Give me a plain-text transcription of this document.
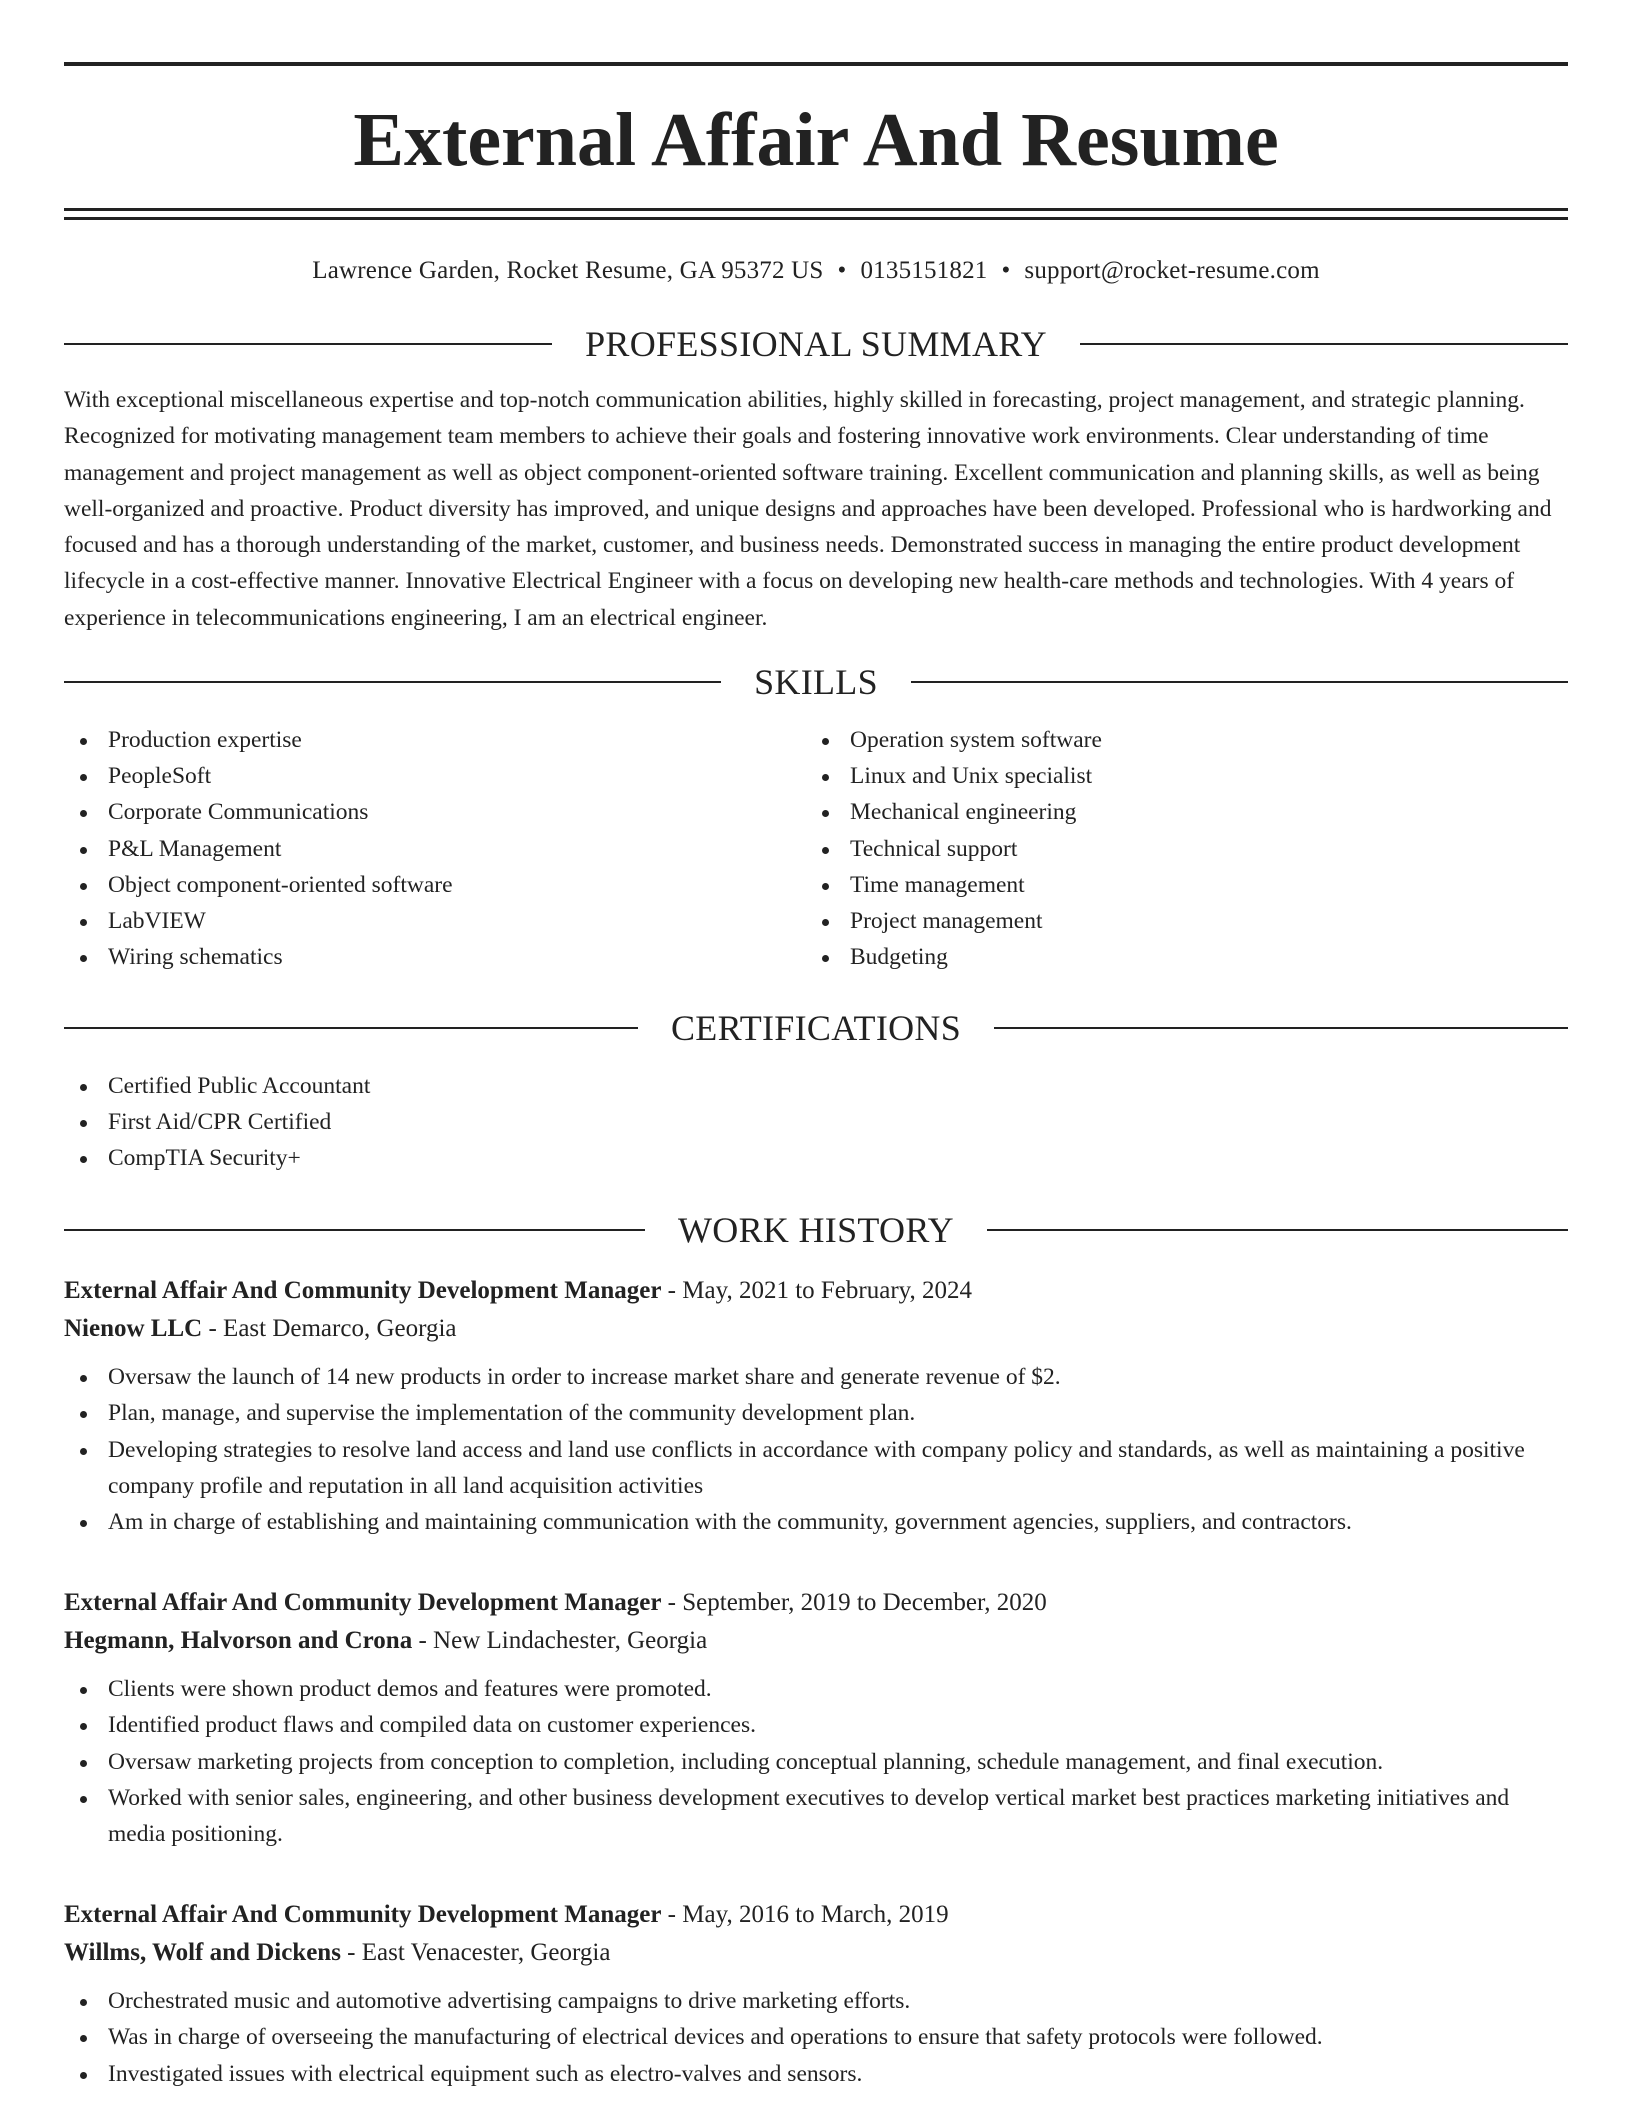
External Affair And Resume
Lawrence Garden, Rocket Resume, GA 95372 US • 0135151821 • support@rocket-resume.com
PROFESSIONAL SUMMARY

With exceptional miscellaneous expertise and top-notch communication abilities, highly skilled in forecasting, project management, and strategic planning. Recognized for motivating management team members to achieve their goals and fostering innovative work environments. Clear understanding of time management and project management as well as object component-oriented software training. Excellent communication and planning skills, as well as being well-organized and proactive. Product diversity has improved, and unique designs and approaches have been developed. Professional who is hardworking and focused and has a thorough understanding of the market, customer, and business needs. Demonstrated success in managing the entire product development lifecycle in a cost-effective manner. Innovative Electrical Engineer with a focus on developing new health-care methods and technologies. With 4 years of experience in telecommunications engineering, I am an electrical engineer.

SKILLS
Production expertise
PeopleSoft
Corporate Communications
P&L Management
Object component-oriented software
LabVIEW
Wiring schematics
Operation system software
Linux and Unix specialist
Mechanical engineering
Technical support
Time management
Project management
Budgeting
CERTIFICATIONS
Certified Public Accountant
First Aid/CPR Certified
CompTIA Security+
WORK HISTORY
External Affair And Community Development Manager - May, 2021 to February, 2024
Nienow LLC - East Demarco, Georgia
Oversaw the launch of 14 new products in order to increase market share and generate revenue of $2.
Plan, manage, and supervise the implementation of the community development plan.
Developing strategies to resolve land access and land use conflicts in accordance with company policy and standards, as well as maintaining a positive company profile and reputation in all land acquisition activities
Am in charge of establishing and maintaining communication with the community, government agencies, suppliers, and contractors.
External Affair And Community Development Manager - September, 2019 to December, 2020
Hegmann, Halvorson and Crona - New Lindachester, Georgia
Clients were shown product demos and features were promoted.
Identified product flaws and compiled data on customer experiences.
Oversaw marketing projects from conception to completion, including conceptual planning, schedule management, and final execution.
Worked with senior sales, engineering, and other business development executives to develop vertical market best practices marketing initiatives and media positioning.
External Affair And Community Development Manager - May, 2016 to March, 2019
Willms, Wolf and Dickens - East Venacester, Georgia
Orchestrated music and automotive advertising campaigns to drive marketing efforts.
Was in charge of overseeing the manufacturing of electrical devices and operations to ensure that safety protocols were followed.
Investigated issues with electrical equipment such as electro-valves and sensors.
